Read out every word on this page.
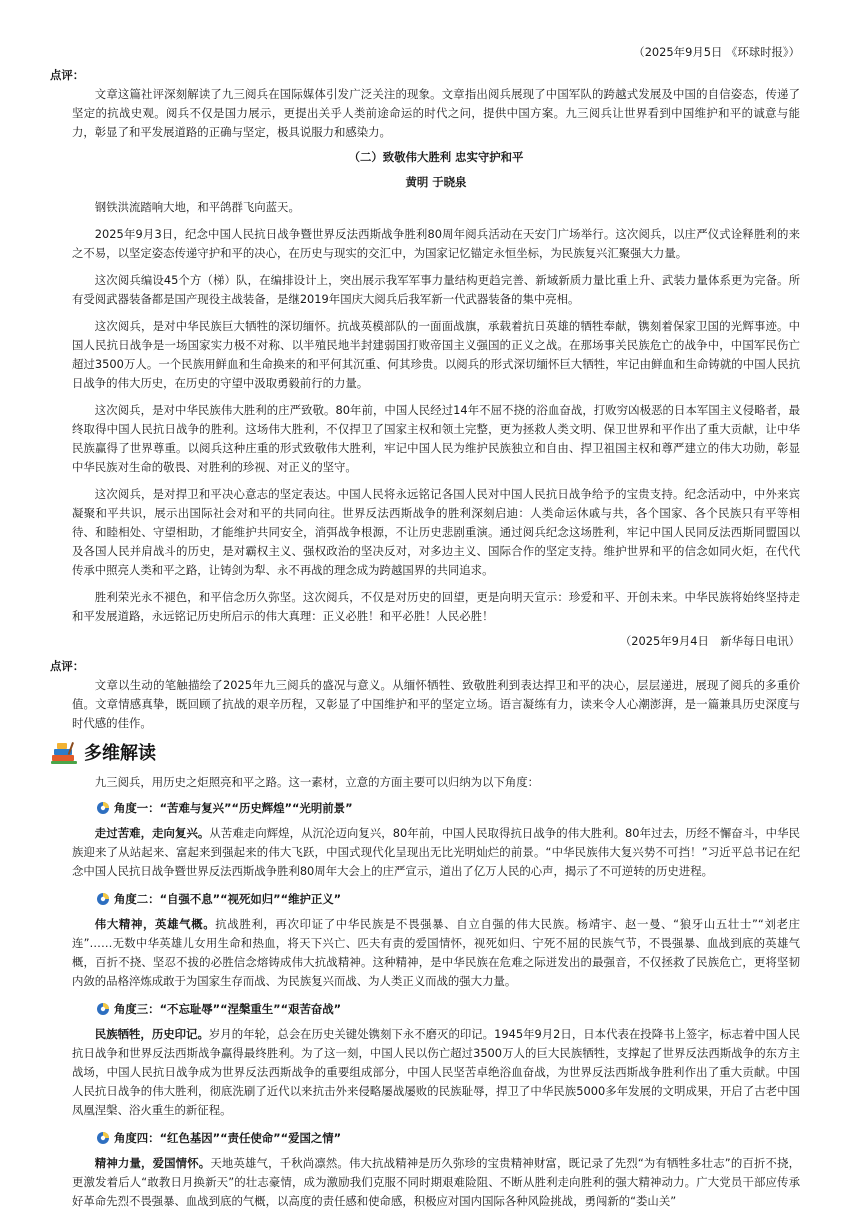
（2025年9月5日 《环球时报》）
点评：
文章这篇社评深刻解读了九三阅兵在国际媒体引发广泛关注的现象。文章指出阅兵展现了中国军队的跨越式发展及中国的自信姿态，传递了坚定的抗战史观。阅兵不仅是国力展示，更提出关乎人类前途命运的时代之问，提供中国方案。九三阅兵让世界看到中国维护和平的诚意与能力，彰显了和平发展道路的正确与坚定，极具说服力和感染力。
（二）致敬伟大胜利 忠实守护和平
黄明 于晓泉
钢铁洪流踏响大地，和平鸽群飞向蓝天。
2025年9月3日，纪念中国人民抗日战争暨世界反法西斯战争胜利80周年阅兵活动在天安门广场举行。这次阅兵，以庄严仪式诠释胜利的来之不易，以坚定姿态传递守护和平的决心，在历史与现实的交汇中，为国家记忆锚定永恒坐标，为民族复兴汇聚强大力量。
这次阅兵编设45个方（梯）队，在编排设计上，突出展示我军军事力量结构更趋完善、新域新质力量比重上升、武装力量体系更为完备。所有受阅武器装备都是国产现役主战装备，是继2019年国庆大阅兵后我军新一代武器装备的集中亮相。
这次阅兵，是对中华民族巨大牺牲的深切缅怀。抗战英模部队的一面面战旗，承载着抗日英雄的牺牲奉献，镌刻着保家卫国的光辉事迹。中国人民抗日战争是一场国家实力极不对称、以半殖民地半封建弱国打败帝国主义强国的正义之战。在那场事关民族危亡的战争中，中国军民伤亡超过3500万人。一个民族用鲜血和生命换来的和平何其沉重、何其珍贵。以阅兵的形式深切缅怀巨大牺牲，牢记由鲜血和生命铸就的中国人民抗日战争的伟大历史，在历史的守望中汲取勇毅前行的力量。
这次阅兵，是对中华民族伟大胜利的庄严致敬。80年前，中国人民经过14年不屈不挠的浴血奋战，打败穷凶极恶的日本军国主义侵略者，最终取得中国人民抗日战争的胜利。这场伟大胜利，不仅捍卫了国家主权和领土完整，更为拯救人类文明、保卫世界和平作出了重大贡献，让中华民族赢得了世界尊重。以阅兵这种庄重的形式致敬伟大胜利，牢记中国人民为维护民族独立和自由、捍卫祖国主权和尊严建立的伟大功勋，彰显中华民族对生命的敬畏、对胜利的珍视、对正义的坚守。
这次阅兵，是对捍卫和平决心意志的坚定表达。中国人民将永远铭记各国人民对中国人民抗日战争给予的宝贵支持。纪念活动中，中外来宾凝聚和平共识，展示出国际社会对和平的共同向往。世界反法西斯战争的胜利深刻启迪：人类命运休戚与共，各个国家、各个民族只有平等相待、和睦相处、守望相助，才能维护共同安全，消弭战争根源，不让历史悲剧重演。通过阅兵纪念这场胜利，牢记中国人民同反法西斯同盟国以及各国人民并肩战斗的历史，是对霸权主义、强权政治的坚决反对，对多边主义、国际合作的坚定支持。维护世界和平的信念如同火炬，在代代传承中照亮人类和平之路，让铸剑为犁、永不再战的理念成为跨越国界的共同追求。
胜利荣光永不褪色，和平信念历久弥坚。这次阅兵，不仅是对历史的回望，更是向明天宣示：珍爱和平、开创未来。中华民族将始终坚持走和平发展道路，永远铭记历史所启示的伟大真理：正义必胜！和平必胜！人民必胜！
（2025年9月4日　新华每日电讯）
点评：
文章以生动的笔触描绘了2025年九三阅兵的盛况与意义。从缅怀牺牲、致敬胜利到表达捍卫和平的决心，层层递进，展现了阅兵的多重价值。文章情感真挚，既回顾了抗战的艰辛历程，又彰显了中国维护和平的坚定立场。语言凝练有力，读来令人心潮澎湃，是一篇兼具历史深度与时代感的佳作。
多维解读
九三阅兵，用历史之炬照亮和平之路。这一素材，立意的方面主要可以归纳为以下角度：
角度一：“苦难与复兴”“历史辉煌”“光明前景”
走过苦难，走向复兴。从苦难走向辉煌，从沉沦迈向复兴，80年前，中国人民取得抗日战争的伟大胜利。80年过去，历经不懈奋斗，中华民族迎来了从站起来、富起来到强起来的伟大飞跃，中国式现代化呈现出无比光明灿烂的前景。“中华民族伟大复兴势不可挡！”习近平总书记在纪念中国人民抗日战争暨世界反法西斯战争胜利80周年大会上的庄严宣示，道出了亿万人民的心声，揭示了不可逆转的历史进程。
角度二：“自强不息”“视死如归”“维护正义”
伟大精神，英雄气概。抗战胜利，再次印证了中华民族是不畏强暴、自立自强的伟大民族。杨靖宇、赵一曼、“狼牙山五壮士”“刘老庄连”……无数中华英雄儿女用生命和热血，将天下兴亡、匹夫有责的爱国情怀，视死如归、宁死不屈的民族气节，不畏强暴、血战到底的英雄气概，百折不挠、坚忍不拔的必胜信念熔铸成伟大抗战精神。这种精神，是中华民族在危难之际迸发出的最强音，不仅拯救了民族危亡，更将坚韧内敛的品格淬炼成敢于为国家生存而战、为民族复兴而战、为人类正义而战的强大力量。
角度三：“不忘耻辱”“涅槃重生”“艰苦奋战”
民族牺牲，历史印记。岁月的年轮，总会在历史关键处镌刻下永不磨灭的印记。1945年9月2日，日本代表在投降书上签字，标志着中国人民抗日战争和世界反法西斯战争赢得最终胜利。为了这一刻，中国人民以伤亡超过3500万人的巨大民族牺牲，支撑起了世界反法西斯战争的东方主战场，中国人民抗日战争成为世界反法西斯战争的重要组成部分，中国人民坚苦卓绝浴血奋战，为世界反法西斯战争胜利作出了重大贡献。中国人民抗日战争的伟大胜利，彻底洗刷了近代以来抗击外来侵略屡战屡败的民族耻辱，捍卫了中华民族5000多年发展的文明成果，开启了古老中国凤凰涅槃、浴火重生的新征程。
角度四：“红色基因”“责任使命”“爱国之情”
精神力量，爱国情怀。天地英雄气，千秋尚凛然。伟大抗战精神是历久弥珍的宝贵精神财富，既记录了先烈“为有牺牲多壮志”的百折不挠，更激发着后人“敢教日月换新天”的壮志豪情，成为激励我们克服不同时期艰难险阻、不断从胜利走向胜利的强大精神动力。广大党员干部应传承好革命先烈不畏强暴、血战到底的气概，以高度的责任感和使命感，积极应对国内国际各种风险挑战，勇闯新的“娄山关”
